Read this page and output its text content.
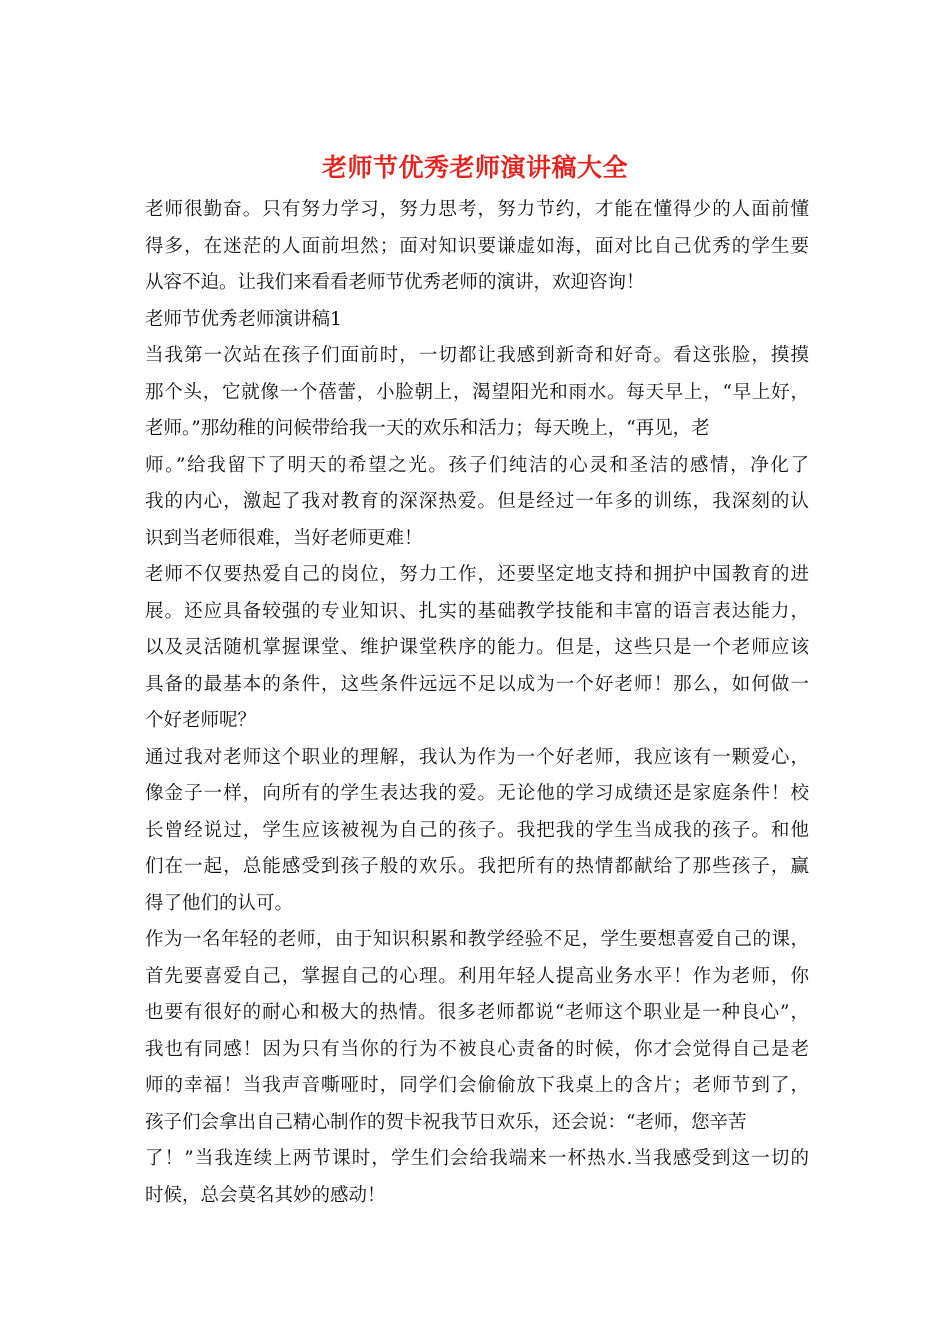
老师节优秀老师演讲稿大全
老师很勤奋。只有努力学习，努力思考，努力节约，才能在懂得少的人面前懂
得多，在迷茫的人面前坦然；面对知识要谦虚如海，面对比自己优秀的学生要
从容不迫。让我们来看看老师节优秀老师的演讲，欢迎咨询！
老师节优秀老师演讲稿1
当我第一次站在孩子们面前时，一切都让我感到新奇和好奇。看这张脸，摸摸
那个头，它就像一个蓓蕾，小脸朝上，渴望阳光和雨水。每天早上，“早上好，
老师。”那幼稚的问候带给我一天的欢乐和活力；每天晚上，“再见，老
师。”给我留下了明天的希望之光。孩子们纯洁的心灵和圣洁的感情，净化了
我的内心，激起了我对教育的深深热爱。但是经过一年多的训练，我深刻的认
识到当老师很难，当好老师更难！
老师不仅要热爱自己的岗位，努力工作，还要坚定地支持和拥护中国教育的进
展。还应具备较强的专业知识、扎实的基础教学技能和丰富的语言表达能力，
以及灵活随机掌握课堂、维护课堂秩序的能力。但是，这些只是一个老师应该
具备的最基本的条件，这些条件远远不足以成为一个好老师！那么，如何做一
个好老师呢？
通过我对老师这个职业的理解，我认为作为一个好老师，我应该有一颗爱心，
像金子一样，向所有的学生表达我的爱。无论他的学习成绩还是家庭条件！校
长曾经说过，学生应该被视为自己的孩子。我把我的学生当成我的孩子。和他
们在一起，总能感受到孩子般的欢乐。我把所有的热情都献给了那些孩子，赢
得了他们的认可。
作为一名年轻的老师，由于知识积累和教学经验不足，学生要想喜爱自己的课，
首先要喜爱自己，掌握自己的心理。利用年轻人提高业务水平！作为老师，你
也要有很好的耐心和极大的热情。很多老师都说“老师这个职业是一种良心”，
我也有同感！因为只有当你的行为不被良心责备的时候，你才会觉得自己是老
师的幸福！当我声音嘶哑时，同学们会偷偷放下我桌上的含片；老师节到了，
孩子们会拿出自己精心制作的贺卡祝我节日欢乐，还会说：“老师，您辛苦
了！”当我连续上两节课时，学生们会给我端来一杯热水.当我感受到这一切的
时候，总会莫名其妙的感动！
